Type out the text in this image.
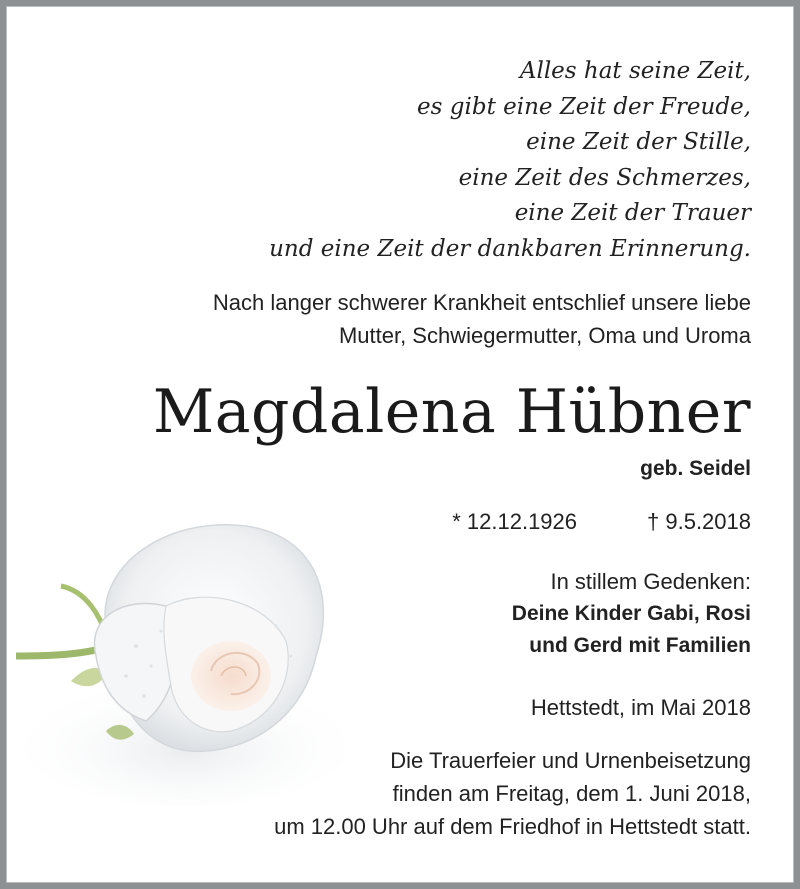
Alles hat seine Zeit,
es gibt eine Zeit der Freude,
eine Zeit der Stille,
eine Zeit des Schmerzes,
eine Zeit der Trauer
und eine Zeit der dankbaren Erinnerung.
Nach langer schwerer Krankheit entschlief unsere liebe
Mutter, Schwiegermutter, Oma und Uroma
Magdalena Hübner
geb. Seidel
* 12.12.1926	† 9.5.2018
In stillem Gedenken:
Deine Kinder Gabi, Rosi
und Gerd mit Familien
Hettstedt, im Mai 2018
Die Trauerfeier und Urnenbeisetzung
finden am Freitag, dem 1. Juni 2018,
um 12.00 Uhr auf dem Friedhof in Hettstedt statt.
